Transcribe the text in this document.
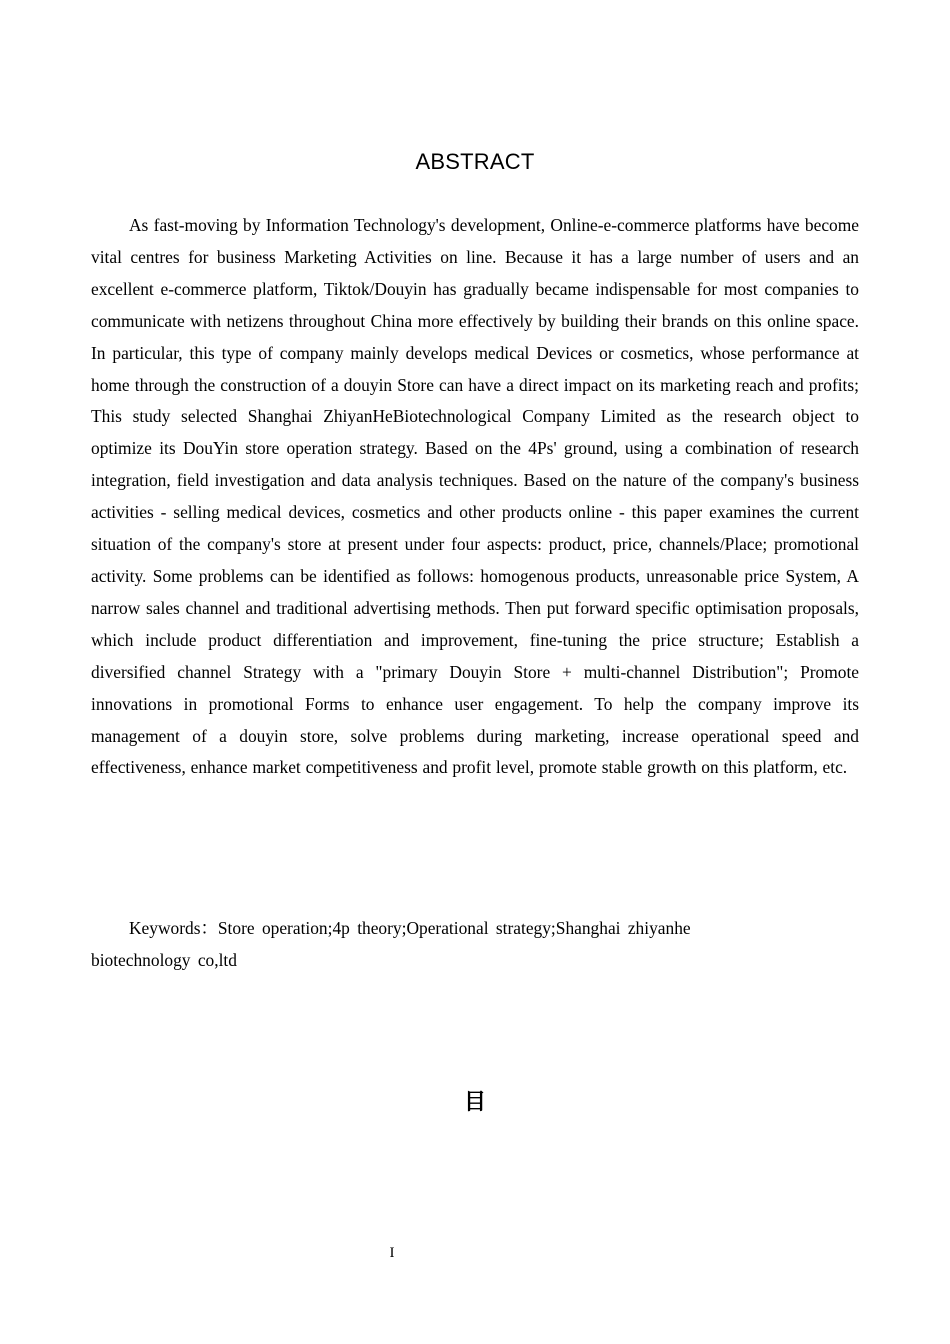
ABSTRACT

As fast-moving by Information Technology's development, Online-e-commerce platforms have become vital centres for business Marketing Activities on line. Because it has a large number of users and an excellent e-commerce platform, Tiktok/Douyin has gradually became indispensable for most companies to communicate with netizens throughout China more effectively by building their brands on this online space. In particular, this type of company mainly develops medical Devices or cosmetics, whose performance at home through the construction of a douyin Store can have a direct impact on its marketing reach and profits; This study selected Shanghai ZhiyanHeBiotechnological Company Limited as the research object to optimize its DouYin store operation strategy. Based on the 4Ps' ground, using a combination of research integration, field investigation and data analysis techniques. Based on the nature of the company's business activities - selling medical devices, cosmetics and other products online - this paper examines the current situation of the company's store at present under four aspects: product, price, channels/Place; promotional activity. Some problems can be identified as follows: homogenous products, unreasonable price System, A narrow sales channel and traditional advertising methods. Then put forward specific optimisation proposals, which include product differentiation and improvement, fine-tuning the price structure; Establish a diversified channel Strategy with a "primary Douyin Store + multi-channel Distribution"; Promote innovations in promotional Forms to enhance user engagement. To help the company improve its management of a douyin store, solve problems during marketing, increase operational speed and effectiveness, enhance market competitiveness and profit level, promote stable growth on this platform, etc.

Keywords：Store operation;4p theory;Operational strategy;Shanghai zhiyanhe biotechnology co,ltd

目
I
